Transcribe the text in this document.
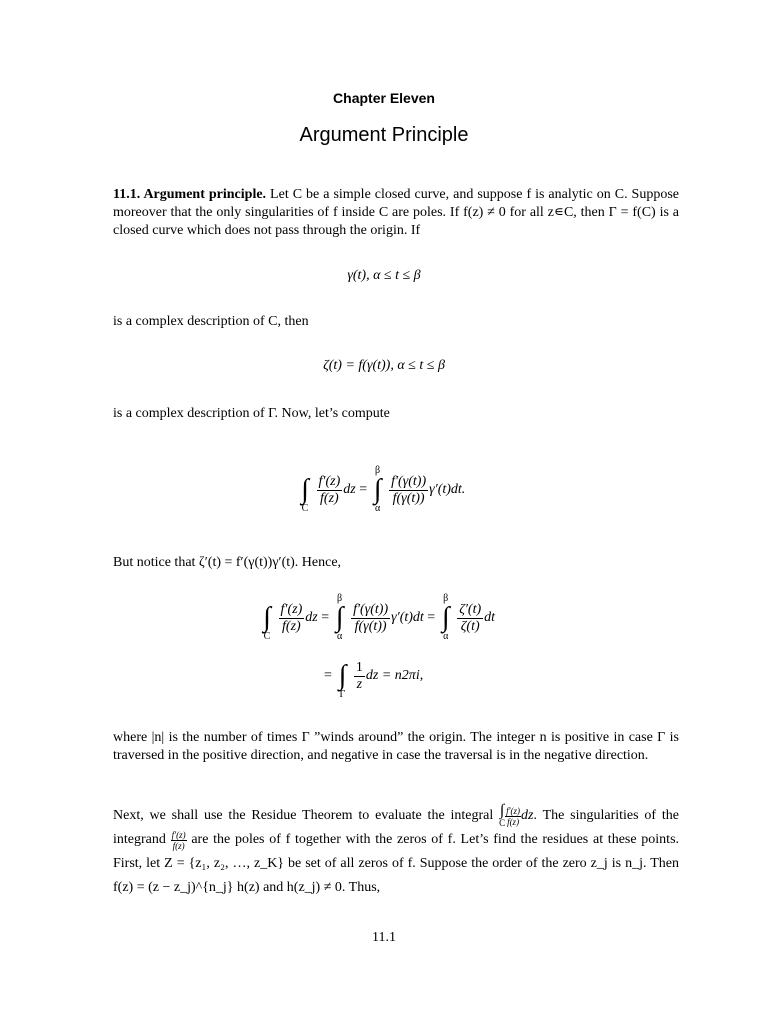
Chapter Eleven
Argument Principle
11.1. Argument principle. Let C be a simple closed curve, and suppose f is analytic on C. Suppose moreover that the only singularities of f inside C are poles. If f(z) ≠ 0 for all z∊C, then Γ = f(C) is a closed curve which does not pass through the origin. If
γ(t), α ≤ t ≤ β
is a complex description of C, then
ζ(t) = f(γ(t)), α ≤ t ≤ β
is a complex description of Γ. Now, let’s compute

∫
C

$\frac{f'(z)}{f(z)}$ dz =
β
∫
α

$\frac{f'(\gamma(t))}{f(\gamma(t))} \gamma'(t)dt$.
But notice that ζ′(t) = f′(γ(t))γ′(t). Hence,

∫
C

$\frac{f'(z)}{f(z)}$ dz =
β
∫
α

$\frac{f'(\gamma(t))}{f(\gamma(t))} \gamma'(t)dt$ =
β
∫
α

$\frac{\zeta'(t)}{\zeta(t)}$ dt
=
∫
Γ

$\frac{1}{z}$ dz = n2πi,
where |n| is the number of times Γ ”winds around” the origin. The integer n is positive in case Γ is traversed in the positive direction, and negative in case the traversal is in the negative direction.
Next, we shall use the Residue Theorem to evaluate the integral ∫
C $\frac{f'(z)}{f(z)}$ dz. The singularities of the integrand $\frac{f'(z)}{f(z)}$ are the poles of f together with the zeros of f. Let’s find the residues at these points. First, let Z = {z₁, z₂, …, z_K} be set of all zeros of f. Suppose the order of the zero z_j is n_j. Then f(z) = (z − z_j)^{n_j} h(z) and h(z_j) ≠ 0. Thus,
11.1
